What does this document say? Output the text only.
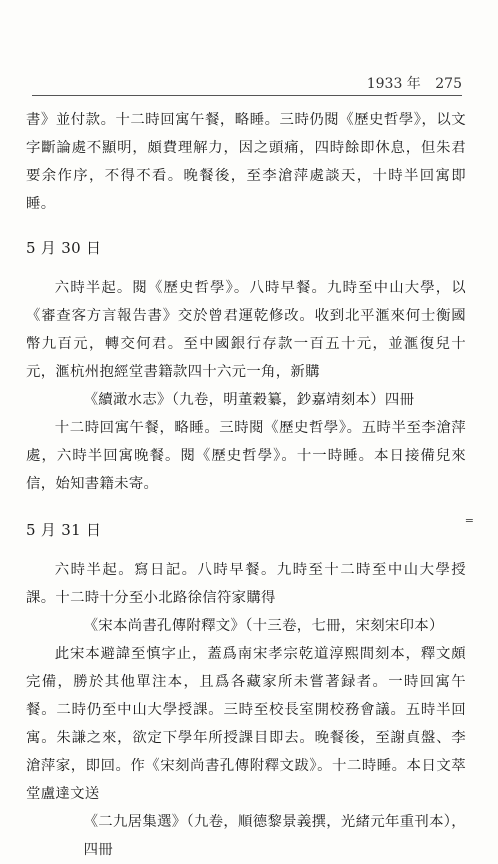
1933 年 275

書》並付款。十二時回寓午餐，略睡。三時仍閱《歷史哲學》，以文字斷論處不顯明，頗費理解力，因之頭痛，四時餘即休息，但朱君要余作序，不得不看。晚餐後，至李滄萍處談天，十時半回寓即睡。

5 月 30 日

六時半起。閱《歷史哲學》。八時早餐。九時至中山大學，以《審查客方言報告書》交於曾君運乾修改。收到北平滙來何士衡國幣九百元，轉交何君。至中國銀行存款一百五十元，並滙復兒十元，滙杭州抱經堂書籍款四十六元一角，新購

《續澉水志》（九卷，明董穀纂，鈔嘉靖刻本）四冊

十二時回寓午餐，略睡。三時閱《歷史哲學》。五時半至李滄萍處，六時半回寓晚餐。閱《歷史哲學》。十一時睡。本日接備兒來信，始知書籍未寄。

5 月 31 日

六時半起。寫日記。八時早餐。九時至十二時至中山大學授課。十二時十分至小北路徐信符家購得

《宋本尚書孔傳附釋文》（十三卷，七冊，宋刻宋印本）

此宋本避諱至慎字止，蓋爲南宋孝宗乾道淳熙間刻本，釋文頗完備，勝於其他單注本，且爲各藏家所未嘗著録者。一時回寓午餐。二時仍至中山大學授課。三時至校長室開校務會議。五時半回寓。朱謙之來，欲定下學年所授課目即去。晚餐後，至謝貞盤、李滄萍家，即回。作《宋刻尚書孔傳附釋文跋》。十二時睡。本日文萃堂盧達文送

《二九居集選》（九卷，順德黎景義撰，光緒元年重刊本），四冊

=
